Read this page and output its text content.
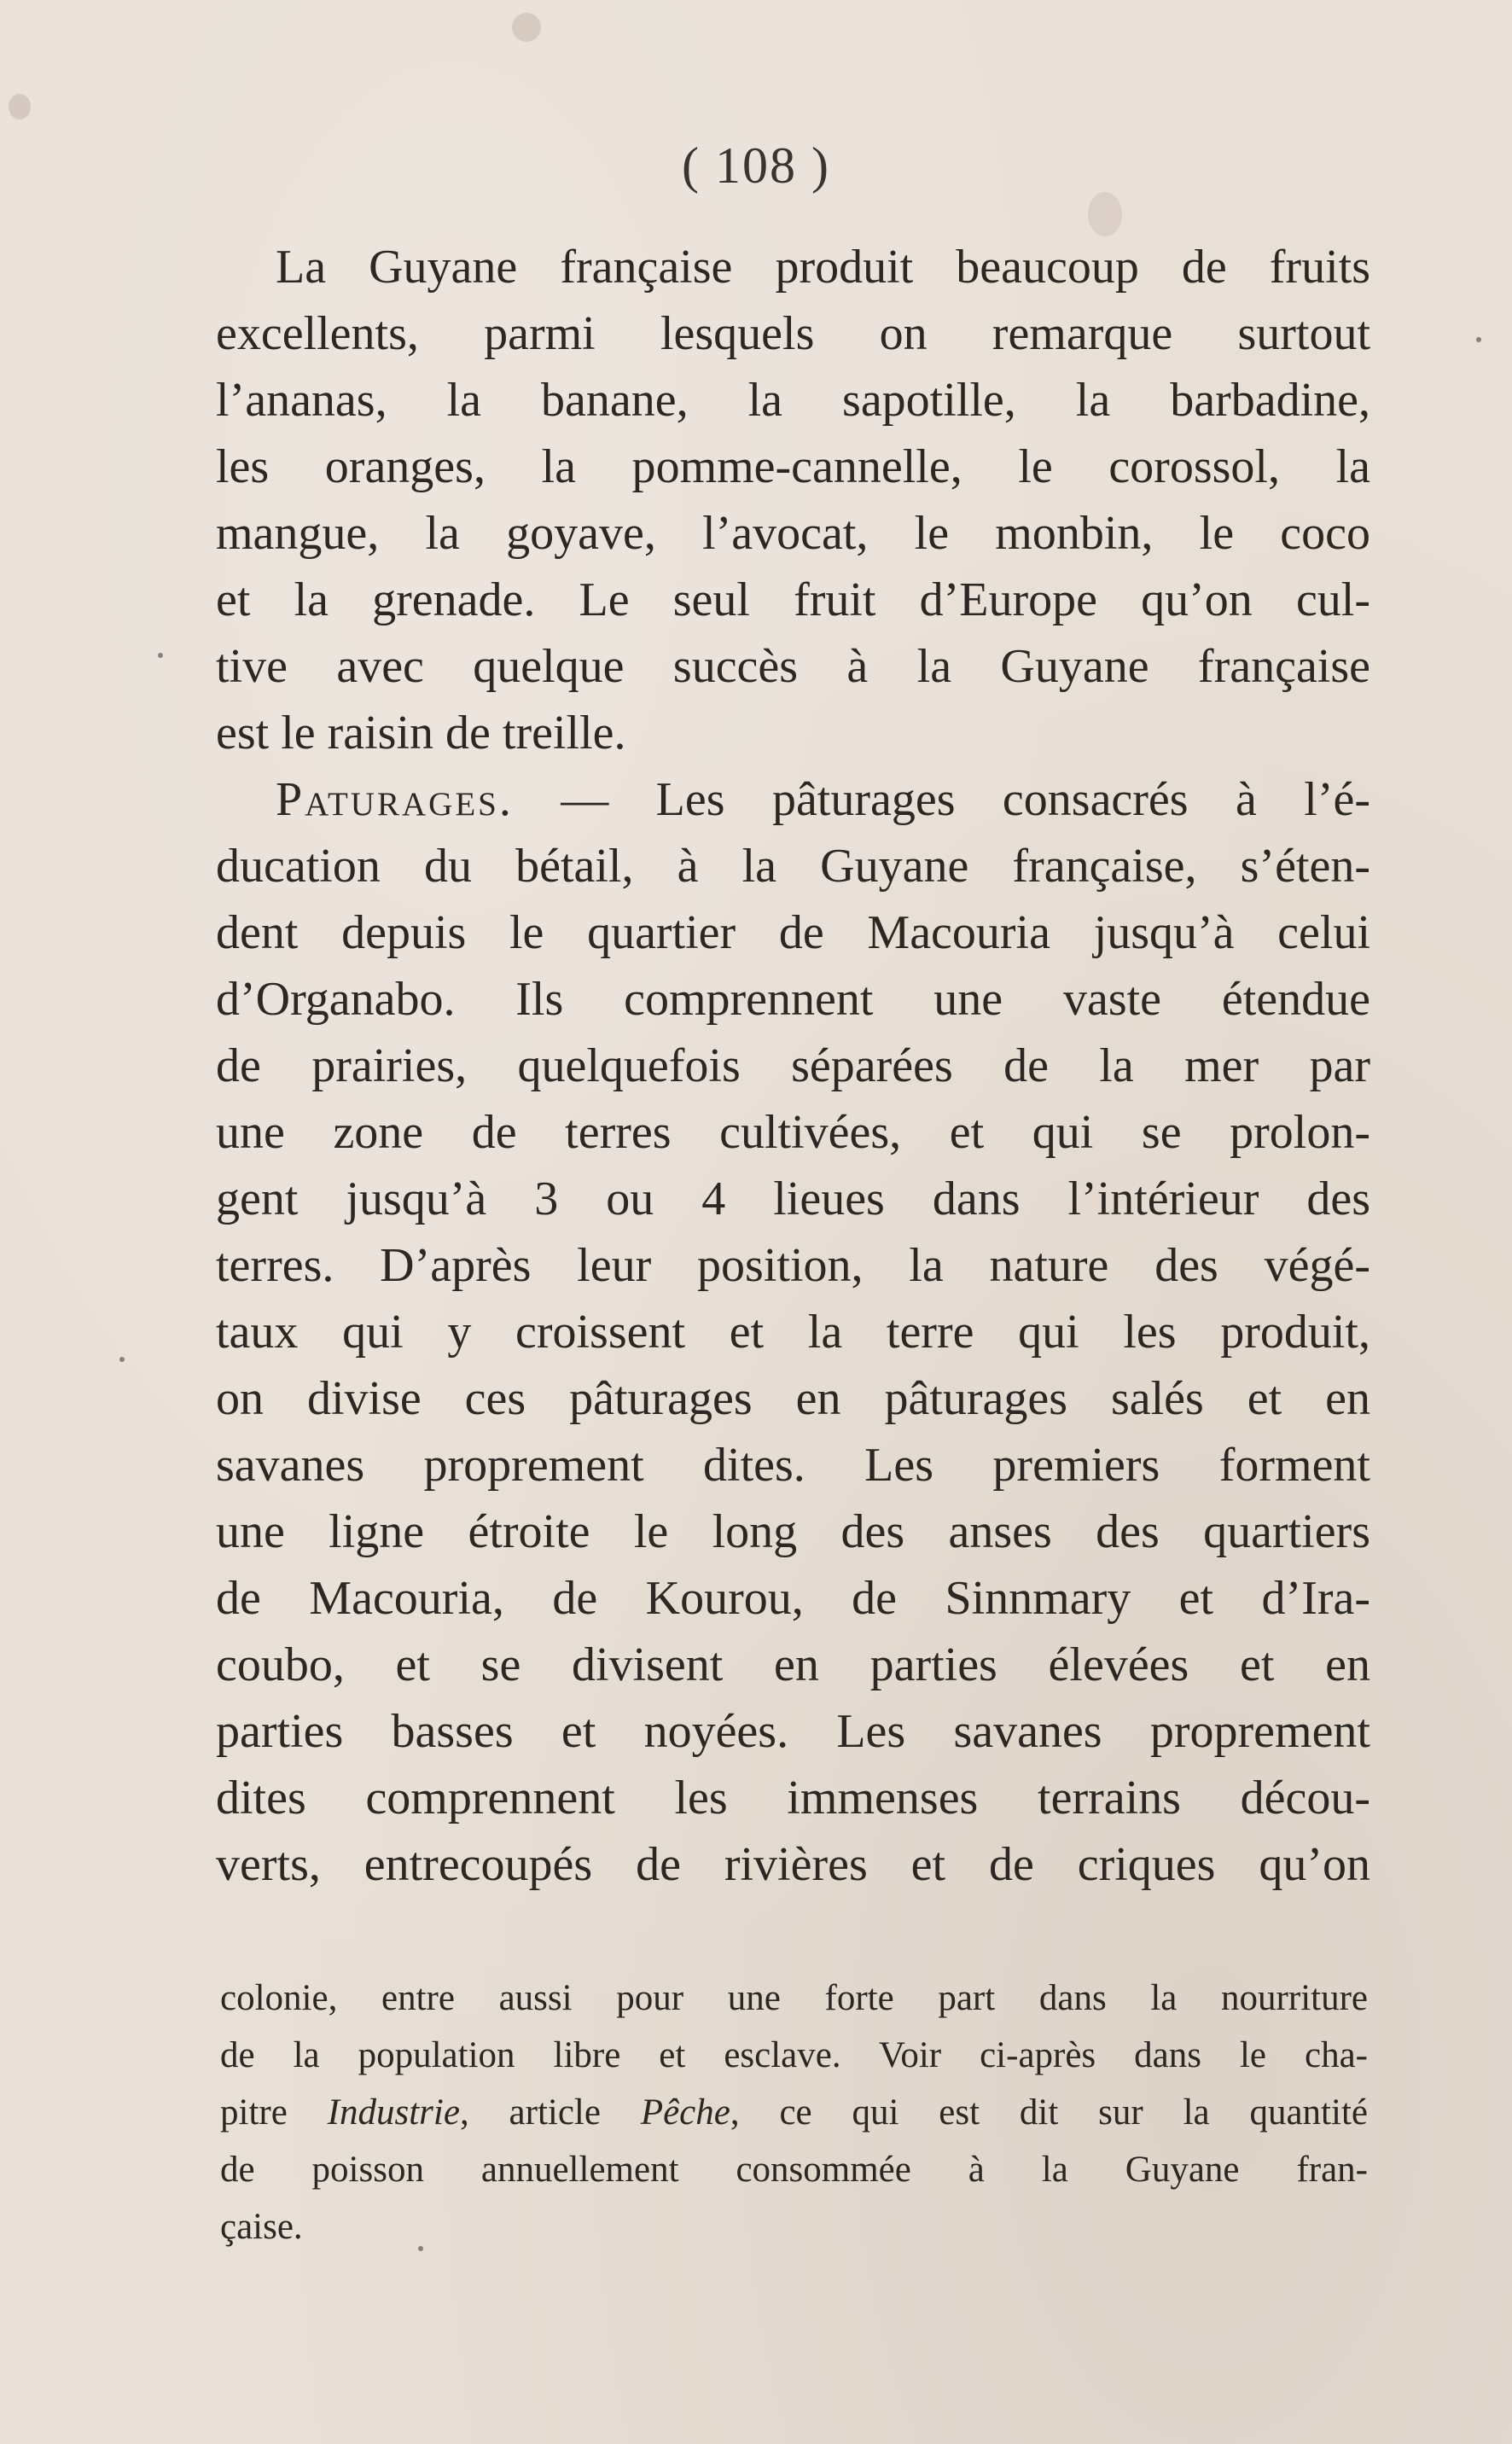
( 108 )

La Guyane française produit beaucoup de fruits

excellents, parmi lesquels on remarque surtout

l’ananas, la banane, la sapotille, la barbadine,

les oranges, la pomme-cannelle, le corossol, la

mangue, la goyave, l’avocat, le monbin, le coco

et la grenade. Le seul fruit d’Europe qu’on cul-

tive avec quelque succès à la Guyane française

est le raisin de treille.

Paturages. — Les pâturages consacrés à l’é-

ducation du bétail, à la Guyane française, s’éten-

dent depuis le quartier de Macouria jusqu’à celui

d’Organabo. Ils comprennent une vaste étendue

de prairies, quelquefois séparées de la mer par

une zone de terres cultivées, et qui se prolon-

gent jusqu’à 3 ou 4 lieues dans l’intérieur des

terres. D’après leur position, la nature des végé-

taux qui y croissent et la terre qui les produit,

on divise ces pâturages en pâturages salés et en

savanes proprement dites. Les premiers forment

une ligne étroite le long des anses des quartiers

de Macouria, de Kourou, de Sinnmary et d’Ira-

coubo, et se divisent en parties élevées et en

parties basses et noyées. Les savanes proprement

dites comprennent les immenses terrains décou-

verts, entrecoupés de rivières et de criques qu’on

colonie, entre aussi pour une forte part dans la nourriture

de la population libre et esclave. Voir ci-après dans le cha-

pitre Industrie, article Pêche, ce qui est dit sur la quantité

de poisson annuellement consommée à la Guyane fran-

çaise.
